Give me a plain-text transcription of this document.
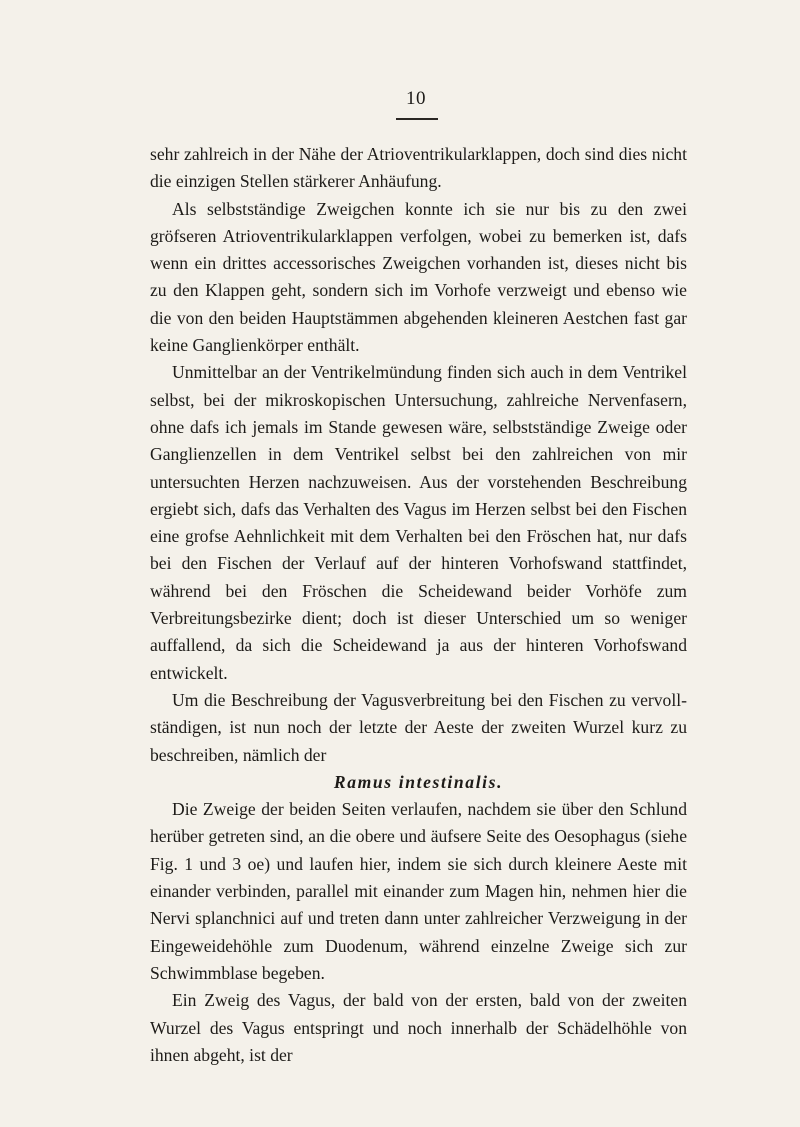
10

sehr zahlreich in der Nähe der Atrioventrikularklappen, doch sind dies nicht die einzigen Stellen stärkerer Anhäufung.

Als selbstständige Zweigchen konnte ich sie nur bis zu den zwei gröfseren Atrioventrikularklappen verfolgen, wobei zu bemerken ist, dafs wenn ein drittes accessorisches Zweigchen vorhanden ist, dieses nicht bis zu den Klappen geht, sondern sich im Vorhofe verzweigt und ebenso wie die von den beiden Hauptstämmen abgehenden kleineren Aestchen fast gar keine Ganglienkörper enthält.

Unmittelbar an der Ventrikelmündung finden sich auch in dem Ventrikel selbst, bei der mikroskopischen Untersuchung, zahlreiche Nervenfasern, ohne dafs ich jemals im Stande gewesen wäre, selbstständige Zweige oder Ganglienzellen in dem Ventrikel selbst bei den zahlreichen von mir untersuchten Herzen nachzuweisen. Aus der vorstehenden Beschreibung ergiebt sich, dafs das Verhalten des Vagus im Herzen selbst bei den Fischen eine grofse Aehnlichkeit mit dem Verhalten bei den Fröschen hat, nur dafs bei den Fischen der Verlauf auf der hinteren Vorhofswand stattfindet, während bei den Fröschen die Scheidewand beider Vorhöfe zum Verbreitungsbezirke dient; doch ist dieser Unterschied um so weniger auffallend, da sich die Scheidewand ja aus der hinteren Vorhofswand entwickelt.

Um die Beschreibung der Vagusverbreitung bei den Fischen zu vervollständigen, ist nun noch der letzte der Aeste der zweiten Wurzel kurz zu beschreiben, nämlich der

Ramus intestinalis.

Die Zweige der beiden Seiten verlaufen, nachdem sie über den Schlund herüber getreten sind, an die obere und äufsere Seite des Oesophagus (siehe Fig. 1 und 3 oe) und laufen hier, indem sie sich durch kleinere Aeste mit einander verbinden, parallel mit einander zum Magen hin, nehmen hier die Nervi splanchnici auf und treten dann unter zahlreicher Verzweigung in der Eingeweidehöhle zum Duodenum, während einzelne Zweige sich zur Schwimmblase begeben.

Ein Zweig des Vagus, der bald von der ersten, bald von der zweiten Wurzel des Vagus entspringt und noch innerhalb der Schädelhöhle von ihnen abgeht, ist der
